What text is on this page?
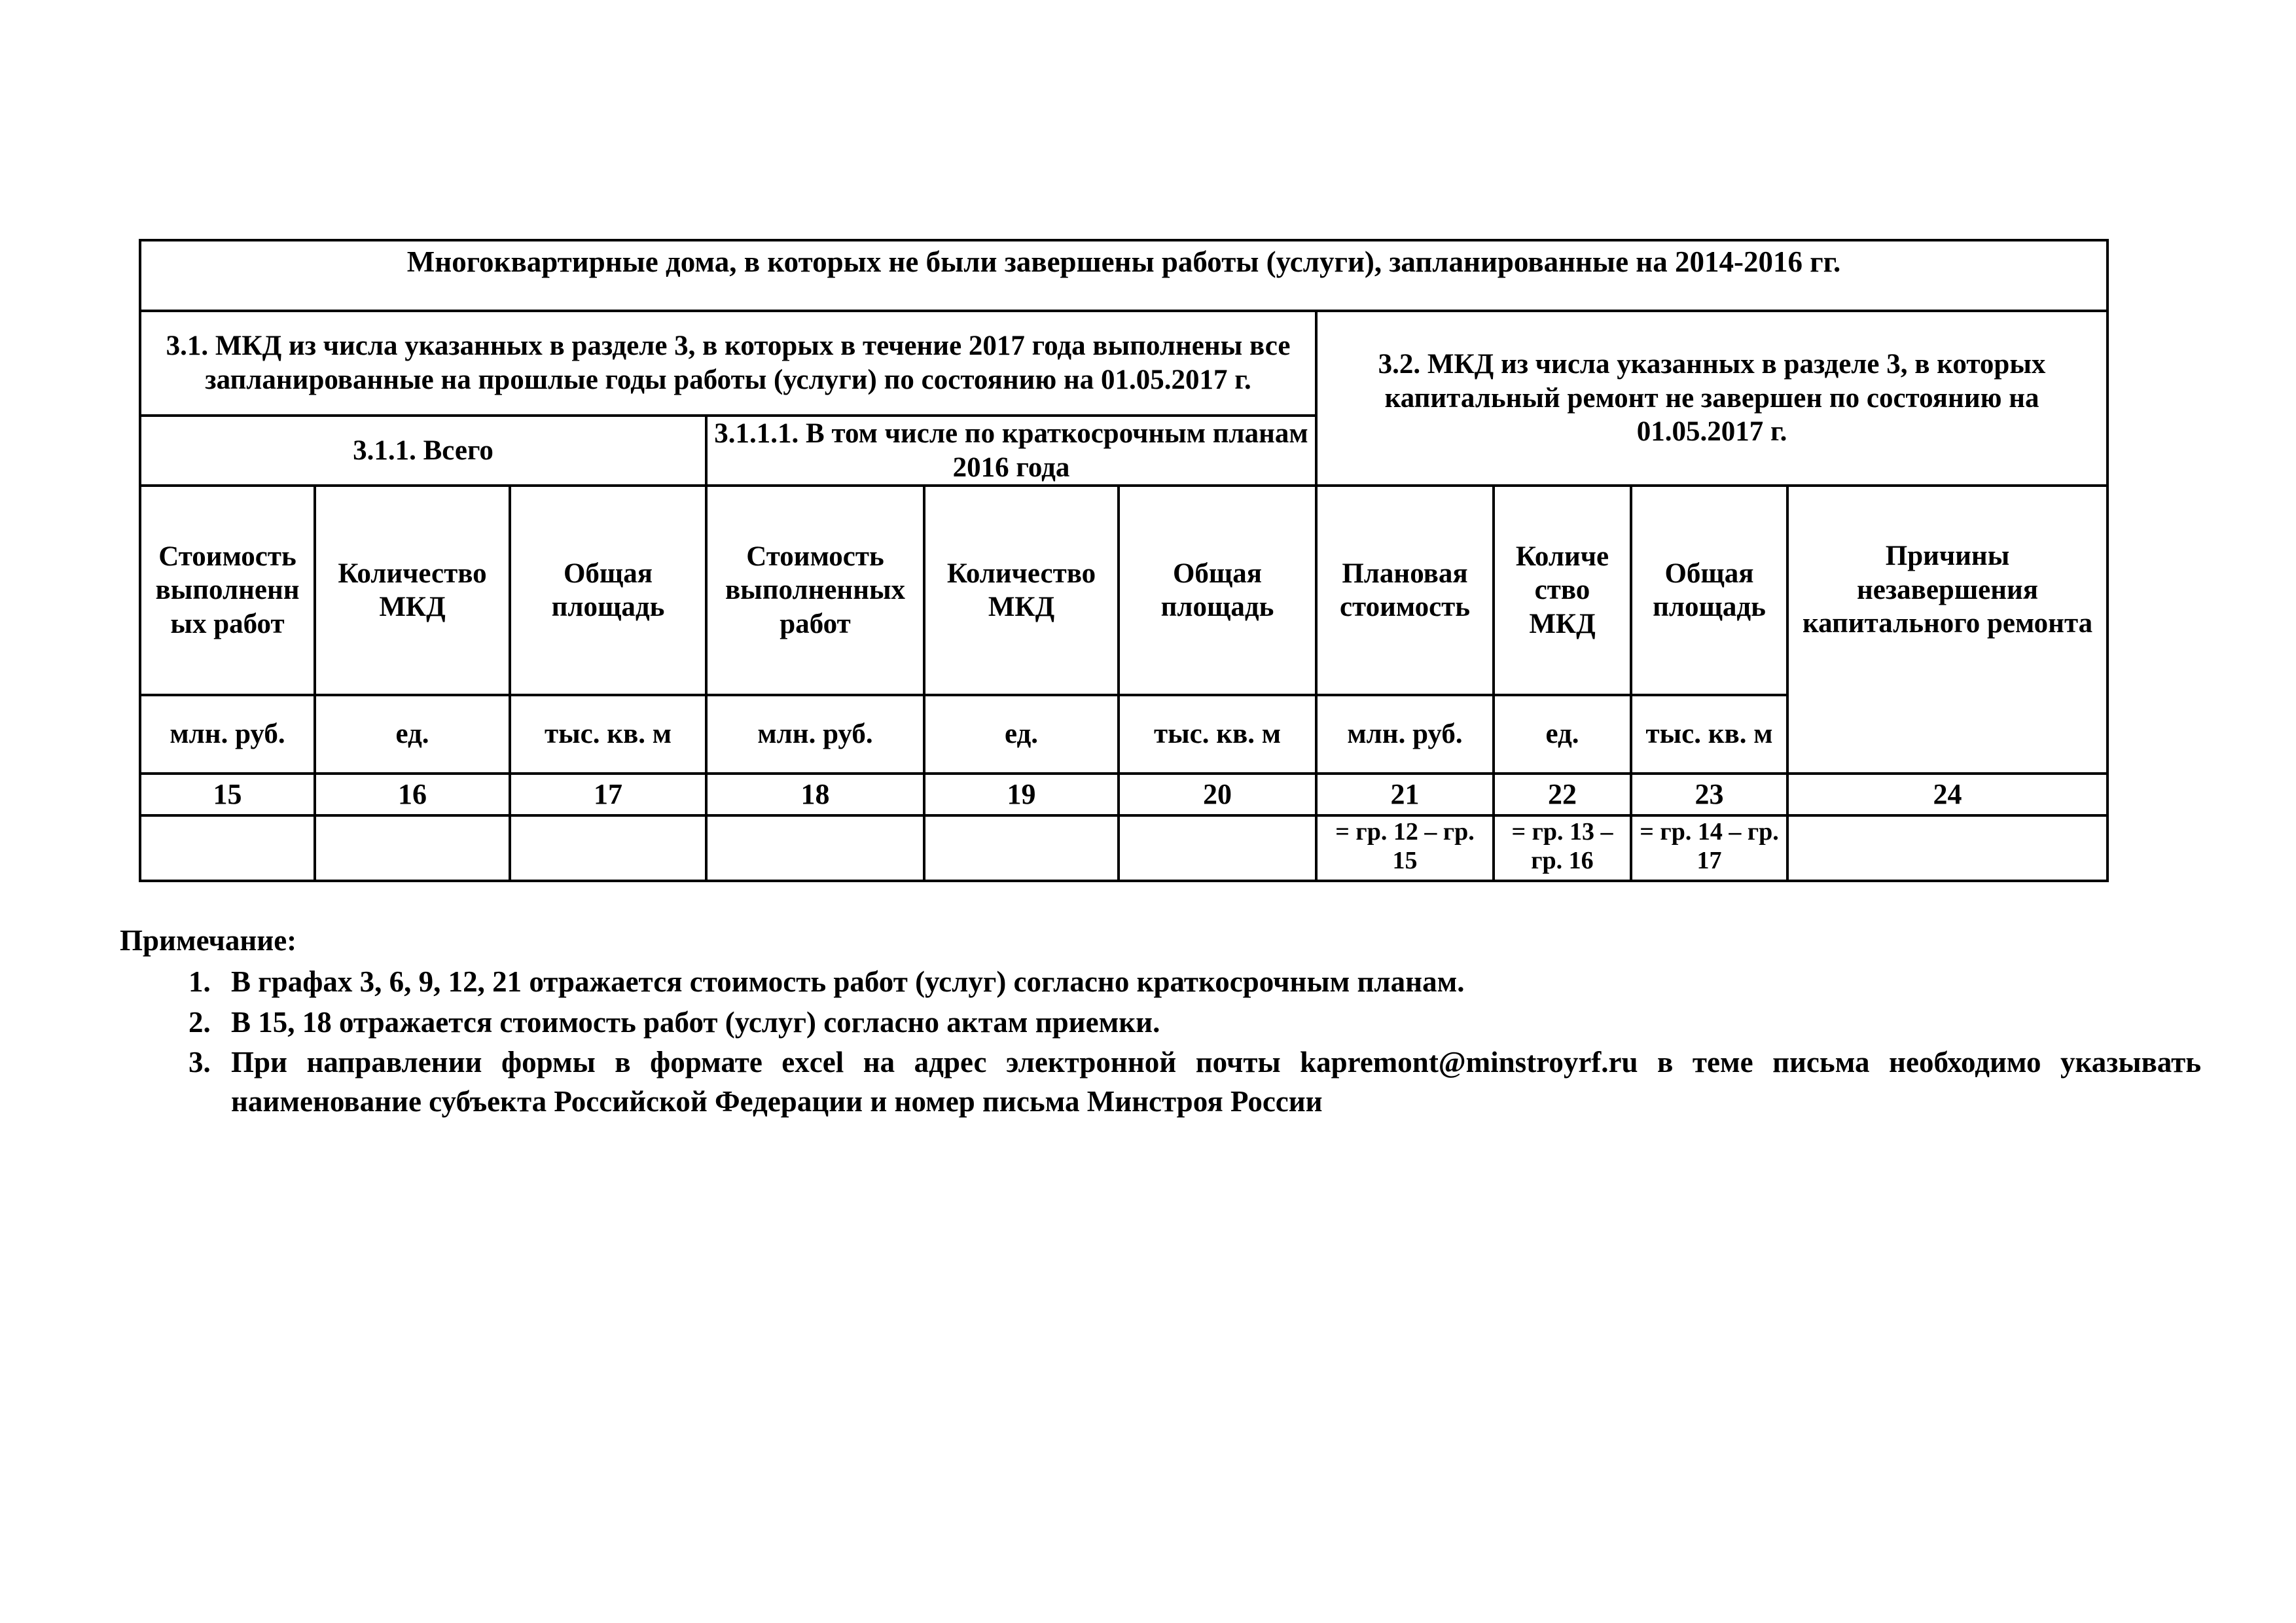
Многоквартирные дома, в которых не были завершены работы (услуги), запланированные на 2014-2016 гг.									
3.1. МКД из числа указанных в разделе 3, в которых в течение 2017 года выполнены все запланированные на прошлые годы работы (услуги) по состоянию на 01.05.2017 г.						3.2. МКД из числа указанных в разделе 3, в которых капитальный ремонт не завершен по состоянию на 01.05.2017 г.			
3.1.1. Всего			3.1.1.1. В том числе по краткосрочным планам 2016 года						
Стоимость выполненн ых работ	Количество МКД	Общая площадь	Стоимость выполненных работ	Количество МКД	Общая площадь	Плановая стоимость	Количе ство МКД	Общая площадь	Причины незавершения капитального ремонта
млн. руб.	ед.	тыс. кв. м	млн. руб.	ед.	тыс. кв. м	млн. руб.	ед.	тыс. кв. м	
15	16	17	18	19	20	21	22	23	24
						= гр. 12 – гр. 15	= гр. 13 – гр. 16	= гр. 14 – гр. 17	
Примечание:
1. В графах 3, 6, 9, 12, 21 отражается стоимость работ (услуг) согласно краткосрочным планам.
2. В 15, 18 отражается стоимость работ (услуг) согласно актам приемки.
3. При направлении формы в формате excel на адрес электронной почты kapremont@minstroyrf.ru в теме письма необходимо указывать наименование субъекта Российской Федерации и номер письма Минстроя России
